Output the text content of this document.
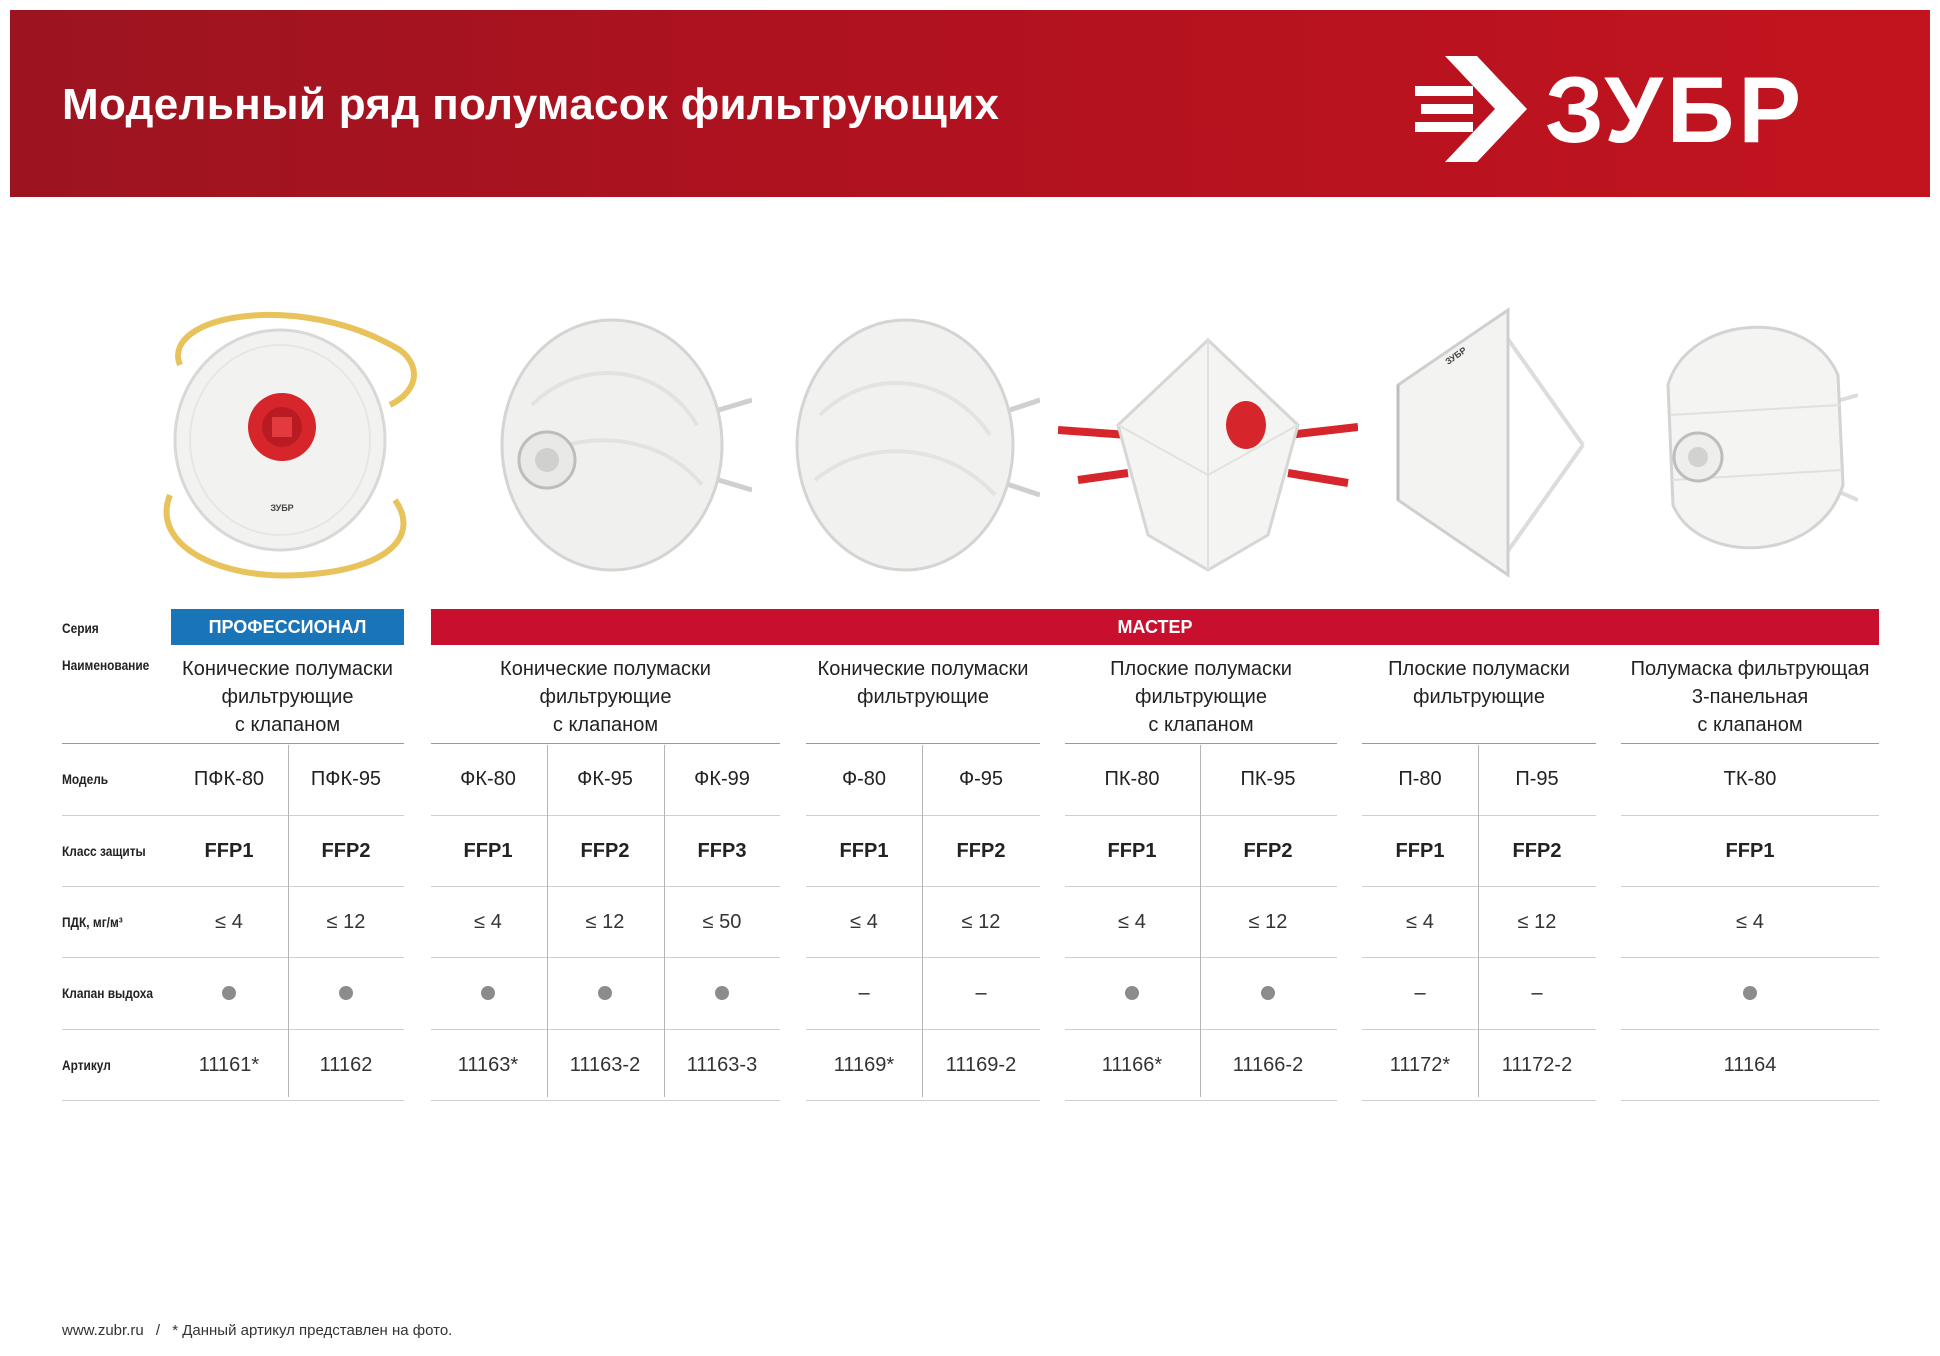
Модельный ряд полумасок фильтрующих	ЗУБР
ЗУБР
ЗУБР
Серия
Наименование
Модель
Класс защиты
ПДК, мг/м³
Клапан выдоха
Артикул
ПРОФЕССИОНАЛ	МАСТЕР
Конические полумаски
фильтрующие
с клапаном
Конические полумаски
фильтрующие
с клапаном
Конические полумаски
фильтрующие
Плоские полумаски
фильтрующие
с клапаном
Плоские полумаски
фильтрующие
Полумаска фильтрующая
3-панельная
с клапаном
ПФК-80
FFP1
≤ 4
11161*
ПФК-95
FFP2
≤ 12
11162
ФК-80
FFP1
≤ 4
11163*
ФК-95
FFP2
≤ 12
11163-2
ФК-99
FFP3
≤ 50
11163-3
Ф-80
FFP1
≤ 4
–
11169*
Ф-95
FFP2
≤ 12
–
11169-2
ПК-80
FFP1
≤ 4
11166*
ПК-95
FFP2
≤ 12
11166-2
П-80
FFP1
≤ 4
–
11172*
П-95
FFP2
≤ 12
–
11172-2
ТК-80
FFP1
≤ 4
11164
www.zubr.ru / * Данный артикул представлен на фото.
